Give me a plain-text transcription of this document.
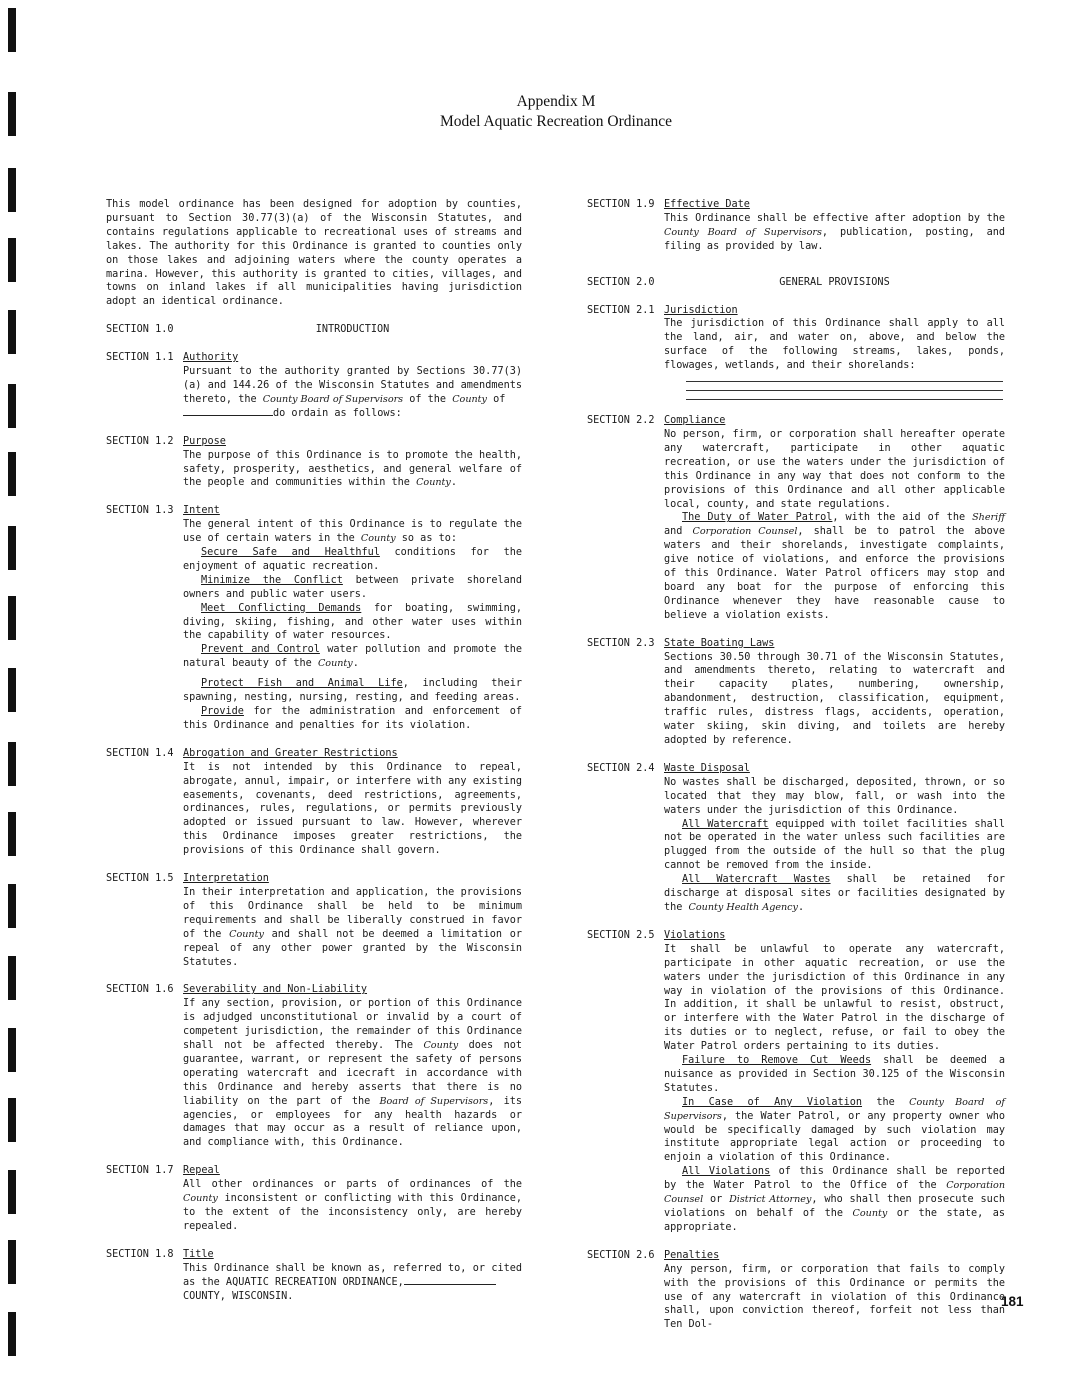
Appendix M
Model Aquatic Recreation Ordinance

This model ordinance has been designed for adoption by counties, pursuant to Section 30.77(3)(a) of the Wisconsin Statutes, and contains regulations applicable to recreational uses of streams and lakes. The authority for this Ordinance is granted to counties only on those lakes and adjoining waters where the county operates a marina. However, this authority is granted to cities, villages, and towns on inland lakes if all municipalities having jurisdiction adopt an identical ordinance.

SECTION 1.0	INTRODUCTION
SECTION 1.1 Authority

Pursuant to the authority granted by Sections 30.77(3)(a) and 144.26 of the Wisconsin Statutes and amendments thereto, the County Board of Supervisors of the County of

do ordain as follows:

SECTION 1.2 Purpose

The purpose of this Ordinance is to promote the health, safety, prosperity, aesthetics, and general welfare of the people and communities within the County.

SECTION 1.3 Intent

The general intent of this Ordinance is to regulate the use of certain waters in the County so as to:

Secure Safe and Healthful conditions for the enjoyment of aquatic recreation.

Minimize the Conflict between private shoreland owners and public water users.

Meet Conflicting Demands for boating, swimming, diving, skiing, fishing, and other water uses within the capability of water resources.

Prevent and Control water pollution and promote the natural beauty of the County.

Protect Fish and Animal Life, including their spawning, nesting, nursing, resting, and feeding areas.

Provide for the administration and enforcement of this Ordinance and penalties for its violation.

SECTION 1.4 Abrogation and Greater Restrictions

It is not intended by this Ordinance to repeal, abrogate, annul, impair, or interfere with any existing easements, covenants, deed restrictions, agreements, ordinances, rules, regulations, or permits previously adopted or issued pursuant to law. However, wherever this Ordinance imposes greater restrictions, the provisions of this Ordinance shall govern.

SECTION 1.5 Interpretation

In their interpretation and application, the provisions of this Ordinance shall be held to be minimum requirements and shall be liberally construed in favor of the County and shall not be deemed a limitation or repeal of any other power granted by the Wisconsin Statutes.

SECTION 1.6 Severability and Non-Liability

If any section, provision, or portion of this Ordinance is adjudged unconstitutional or invalid by a court of competent jurisdiction, the remainder of this Ordinance shall not be affected thereby. The County does not guarantee, warrant, or represent the safety of persons operating watercraft and icecraft in accordance with this Ordinance and hereby asserts that there is no liability on the part of the Board of Supervisors, its agencies, or employees for any health hazards or damages that may occur as a result of reliance upon, and compliance with, this Ordinance.

SECTION 1.7 Repeal

All other ordinances or parts of ordinances of the County inconsistent or conflicting with this Ordinance, to the extent of the inconsistency only, are hereby repealed.

SECTION 1.8 Title

This Ordinance shall be known as, referred to, or cited as the AQUATIC RECREATION ORDINANCE,

COUNTY, WISCONSIN.

SECTION 1.9 Effective Date

This Ordinance shall be effective after adoption by the County Board of Supervisors, publication, posting, and filing as provided by law.

SECTION 2.0	GENERAL PROVISIONS
SECTION 2.1 Jurisdiction

The jurisdiction of this Ordinance shall apply to all the land, air, and water on, above, and below the surface of the following streams, lakes, ponds, flowages, wetlands, and their shorelands:

SECTION 2.2 Compliance

No person, firm, or corporation shall hereafter operate any watercraft, participate in other aquatic recreation, or use the waters under the jurisdiction of this Ordinance in any way that does not conform to the provisions of this Ordinance and all other applicable local, county, and state regulations.

The Duty of Water Patrol, with the aid of the Sheriff and Corporation Counsel, shall be to patrol the above waters and their shorelands, investigate complaints, give notice of violations, and enforce the provisions of this Ordinance. Water Patrol officers may stop and board any boat for the purpose of enforcing this Ordinance whenever they have reasonable cause to believe a violation exists.

SECTION 2.3 State Boating Laws

Sections 30.50 through 30.71 of the Wisconsin Statutes, and amendments thereto, relating to watercraft and their capacity plates, numbering, ownership, abandonment, destruction, classification, equipment, traffic rules, distress flags, accidents, operation, water skiing, skin diving, and toilets are hereby adopted by reference.

SECTION 2.4 Waste Disposal

No wastes shall be discharged, deposited, thrown, or so located that they may blow, fall, or wash into the waters under the jurisdiction of this Ordinance.

All Watercraft equipped with toilet facilities shall not be operated in the water unless such facilities are plugged from the outside of the hull so that the plug cannot be removed from the inside.

All Watercraft Wastes shall be retained for discharge at disposal sites or facilities designated by the County Health Agency.

SECTION 2.5 Violations

It shall be unlawful to operate any watercraft, participate in other aquatic recreation, or use the waters under the jurisdiction of this Ordinance in any way in violation of the provisions of this Ordinance. In addition, it shall be unlawful to resist, obstruct, or interfere with the Water Patrol in the discharge of its duties or to neglect, refuse, or fail to obey the Water Patrol orders pertaining to its duties.

Failure to Remove Cut Weeds shall be deemed a nuisance as provided in Section 30.125 of the Wisconsin Statutes.

In Case of Any Violation the County Board of Supervisors, the Water Patrol, or any property owner who would be specifically damaged by such violation may institute appropriate legal action or proceeding to enjoin a violation of this Ordinance.

All Violations of this Ordinance shall be reported by the Water Patrol to the Office of the Corporation Counsel or District Attorney, who shall then prosecute such violations on behalf of the County or the state, as appropriate.

SECTION 2.6 Penalties

Any person, firm, or corporation that fails to comply with the provisions of this Ordinance or permits the use of any watercraft in violation of this Ordinance shall, upon conviction thereof, forfeit not less than Ten Dol-

181
